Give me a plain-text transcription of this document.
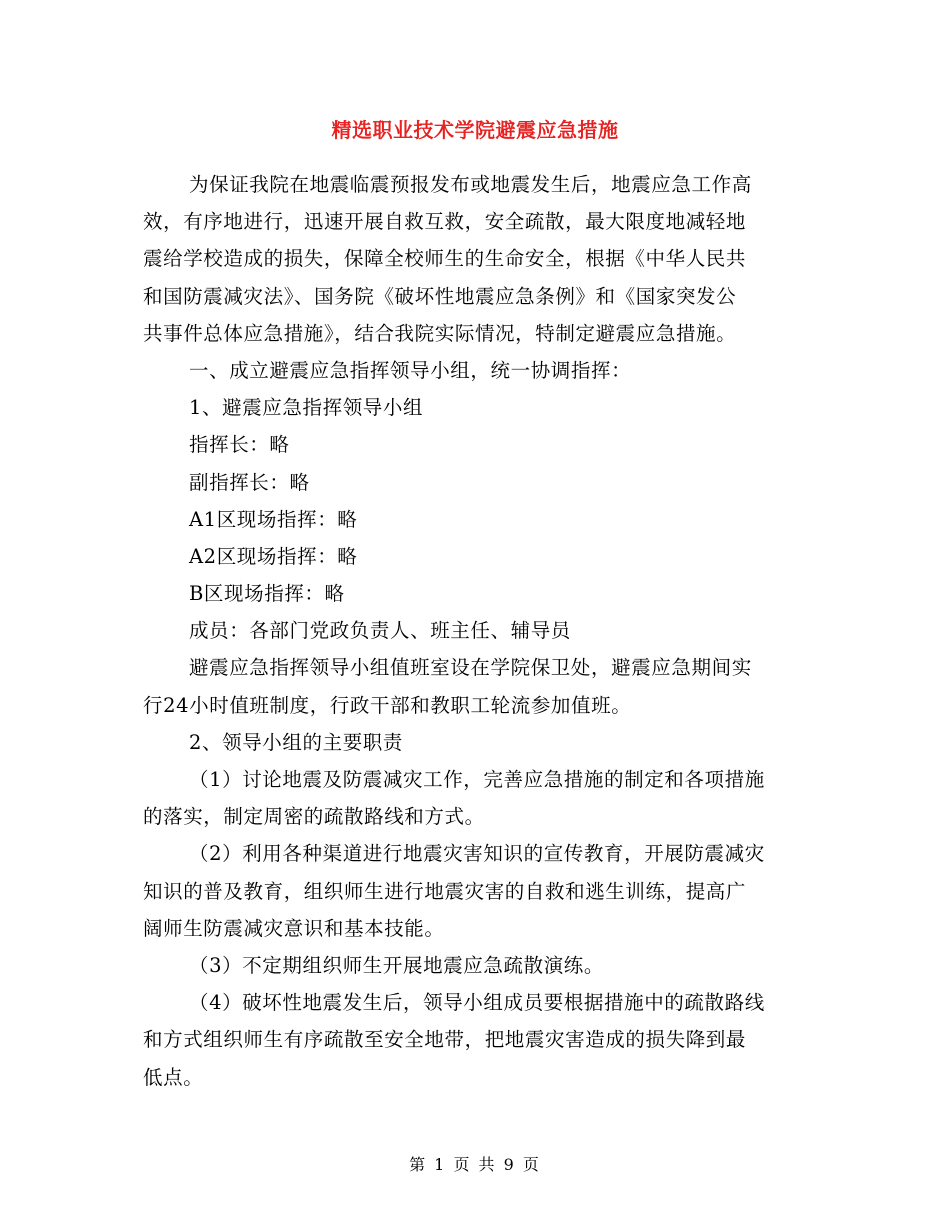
精选职业技术学院避震应急措施
为保证我院在地震临震预报发布或地震发生后，地震应急工作高
效，有序地进行，迅速开展自救互救，安全疏散，最大限度地减轻地
震给学校造成的损失，保障全校师生的生命安全，根据《中华人民共
和国防震减灾法》、国务院《破坏性地震应急条例》和《国家突发公
共事件总体应急措施》，结合我院实际情况，特制定避震应急措施。
一、成立避震应急指挥领导小组，统一协调指挥：
1、避震应急指挥领导小组
指挥长：略
副指挥长：略
A1区现场指挥：略
A2区现场指挥：略
B区现场指挥：略
成员：各部门党政负责人、班主任、辅导员
避震应急指挥领导小组值班室设在学院保卫处，避震应急期间实
行24小时值班制度，行政干部和教职工轮流参加值班。
2、领导小组的主要职责
（1）讨论地震及防震减灾工作，完善应急措施的制定和各项措施
的落实，制定周密的疏散路线和方式。
（2）利用各种渠道进行地震灾害知识的宣传教育，开展防震减灾
知识的普及教育，组织师生进行地震灾害的自救和逃生训练，提高广
阔师生防震减灾意识和基本技能。
（3）不定期组织师生开展地震应急疏散演练。
（4）破坏性地震发生后，领导小组成员要根据措施中的疏散路线
和方式组织师生有序疏散至安全地带，把地震灾害造成的损失降到最
低点。
第 1 页 共 9 页
